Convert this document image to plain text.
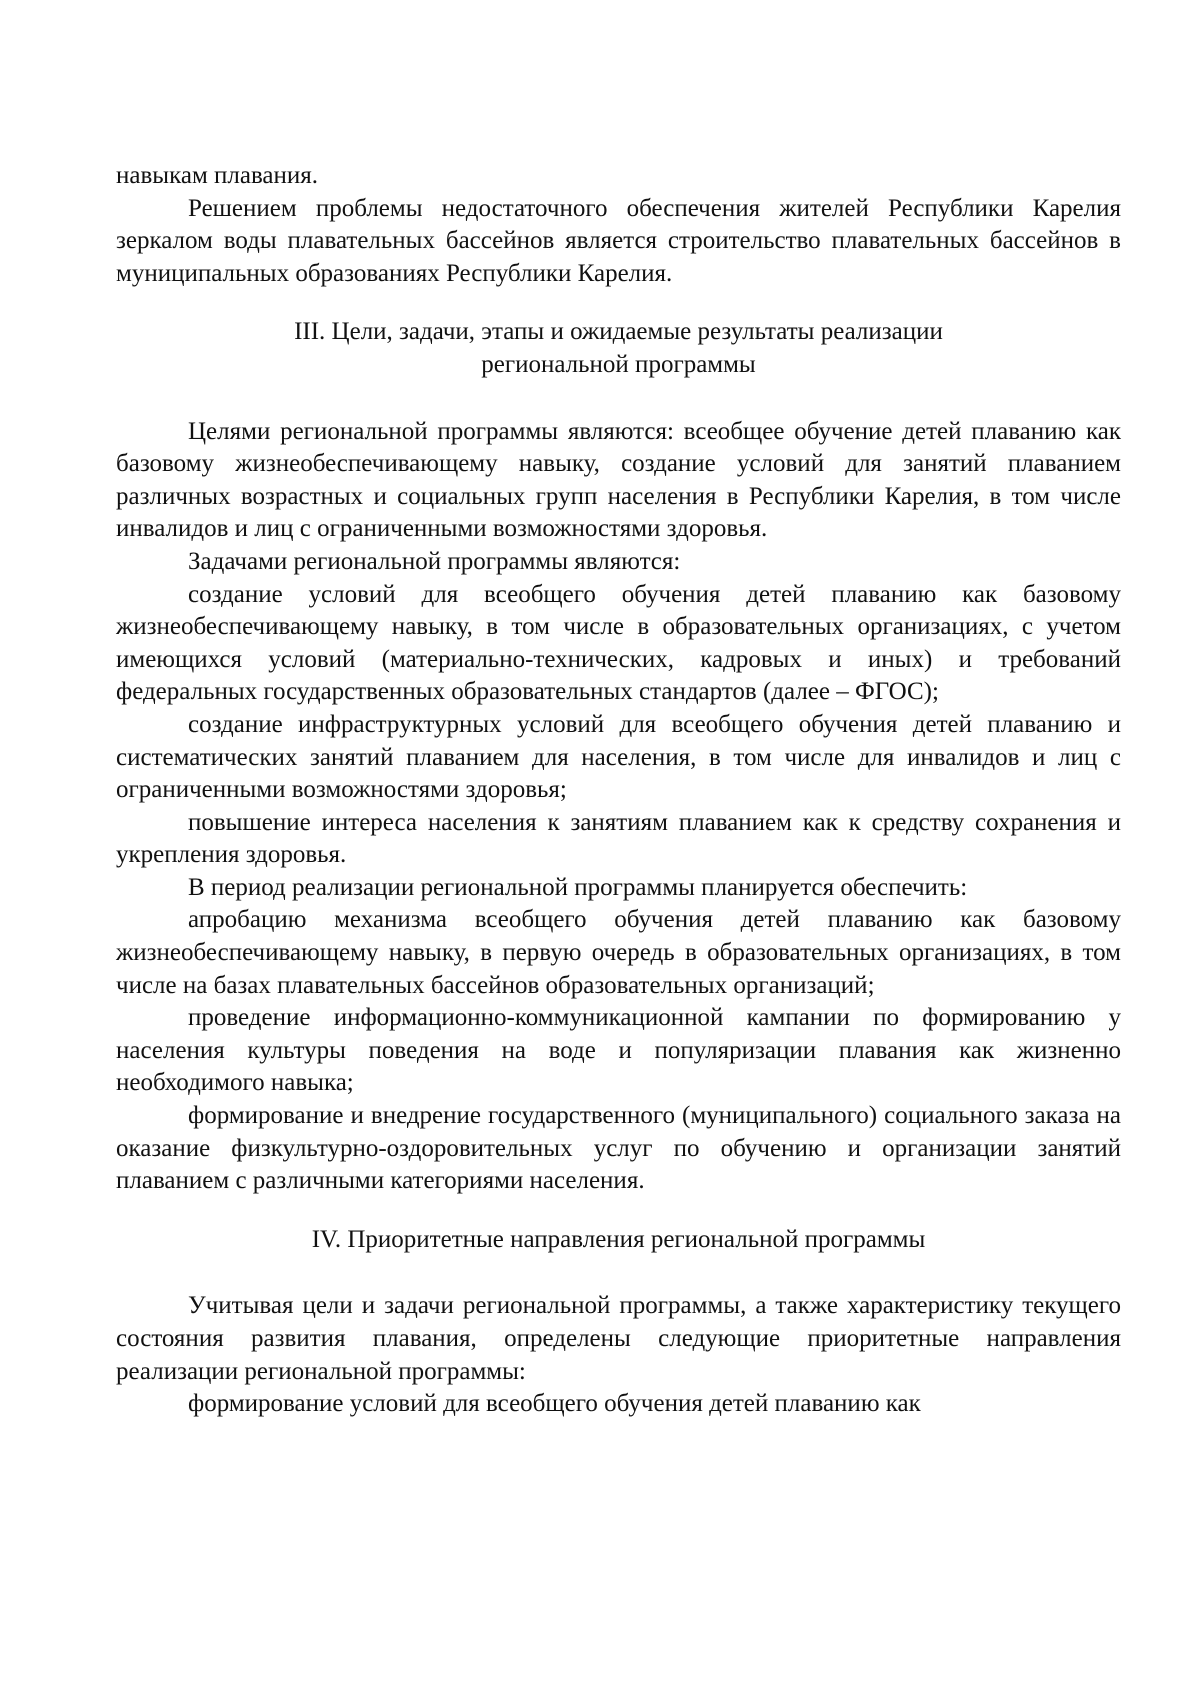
навыкам плавания.

Решением проблемы недостаточного обеспечения жителей Республики Карелия зеркалом воды плавательных бассейнов является строительство плавательных бассейнов в муниципальных образованиях Республики Карелия.

III. Цели, задачи, этапы и ожидаемые результаты реализации

региональной программы

Целями региональной программы являются: всеобщее обучение детей плаванию как базовому жизнеобеспечивающему навыку, создание условий для занятий плаванием различных возрастных и социальных групп населения в Республики Карелия, в том числе инвалидов и лиц с ограниченными возможностями здоровья.

Задачами региональной программы являются:

создание условий для всеобщего обучения детей плаванию как базовому жизнеобеспечивающему навыку, в том числе в образовательных организациях, с учетом имеющихся условий (материально-технических, кадровых и иных) и требований федеральных государственных образовательных стандартов (далее – ФГОС);

создание инфраструктурных условий для всеобщего обучения детей плаванию и систематических занятий плаванием для населения, в том числе для инвалидов и лиц с ограниченными возможностями здоровья;

повышение интереса населения к занятиям плаванием как к средству сохранения и укрепления здоровья.

В период реализации региональной программы планируется обеспечить:

апробацию механизма всеобщего обучения детей плаванию как базовому жизнеобеспечивающему навыку, в первую очередь в образовательных организациях, в том числе на базах плавательных бассейнов образовательных организаций;

проведение информационно-коммуникационной кампании по формированию у населения культуры поведения на воде и популяризации плавания как жизненно необходимого навыка;

формирование и внедрение государственного (муниципального) социального заказа на оказание физкультурно-оздоровительных услуг по обучению и организации занятий плаванием с различными категориями населения.

IV. Приоритетные направления региональной программы

Учитывая цели и задачи региональной программы, а также характеристику текущего состояния развития плавания, определены следующие приоритетные направления реализации региональной программы:

формирование условий для всеобщего обучения детей плаванию как
